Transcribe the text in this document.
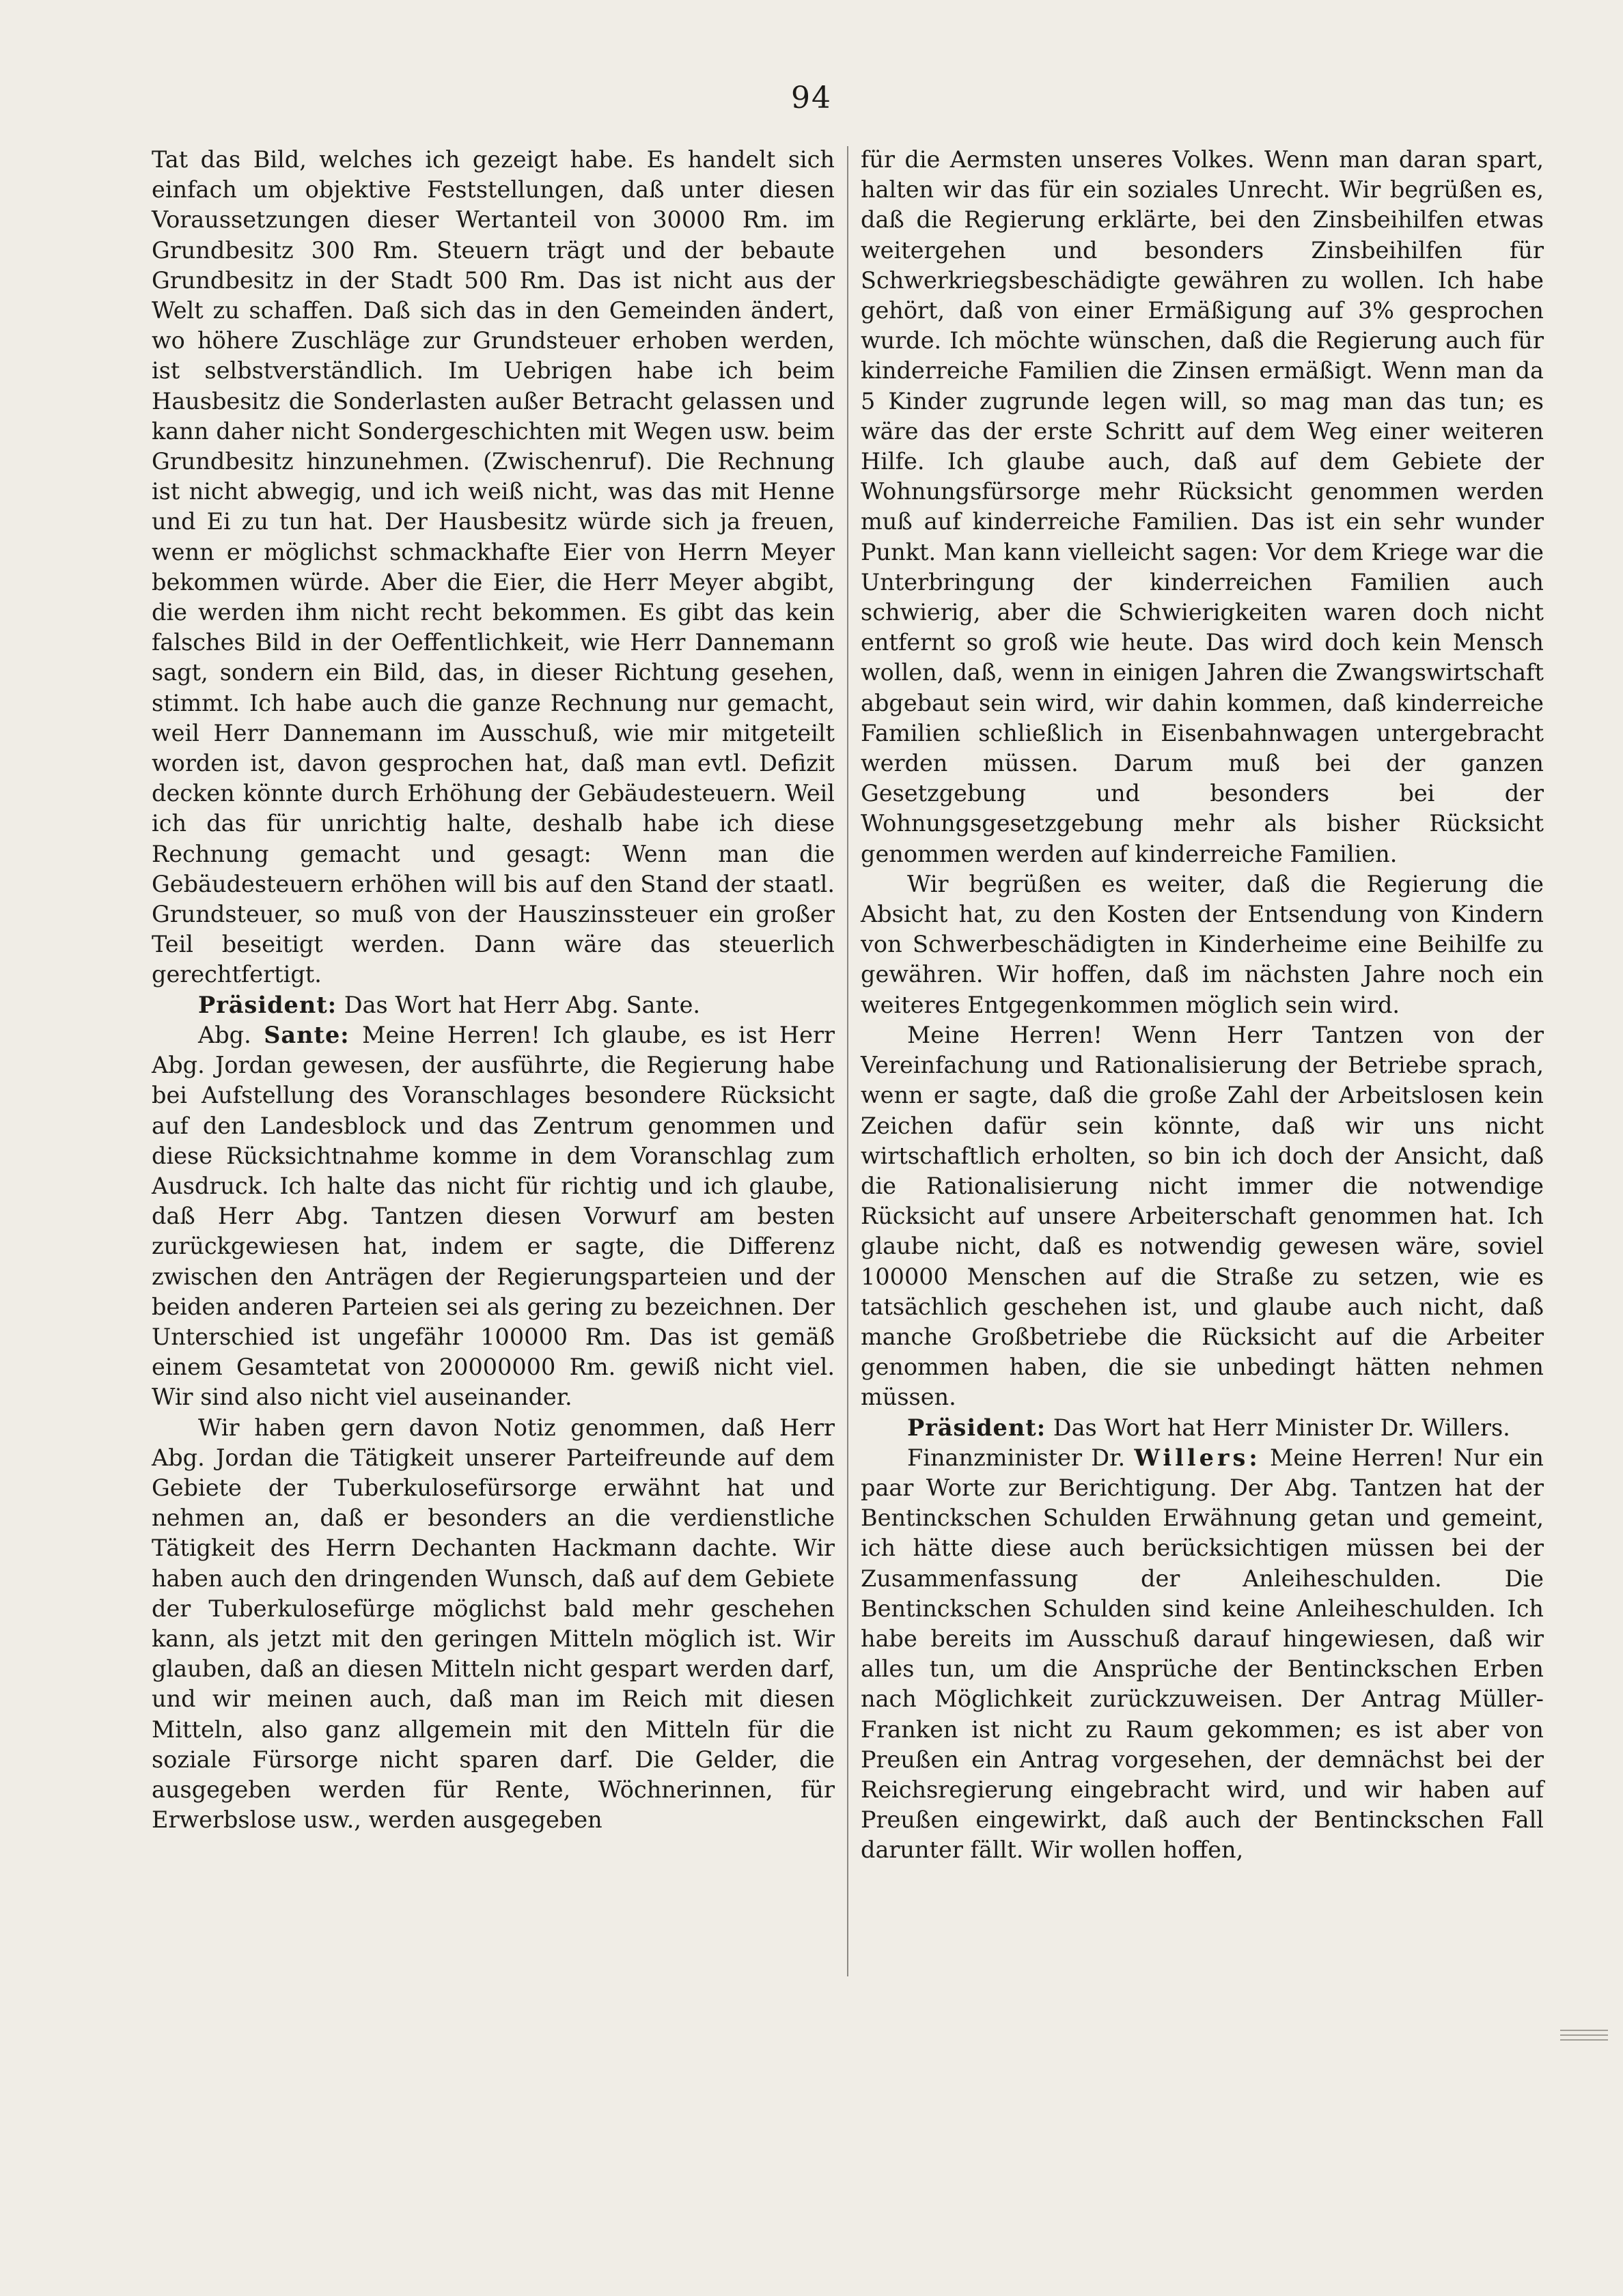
94

Tat das Bild, welches ich gezeigt habe. Es handelt sich einfach um objektive Feststellungen, daß unter diesen Voraussetzungen dieser Wertanteil von 30000 Rm. im Grundbesitz 300 Rm. Steuern trägt und der bebaute Grundbesitz in der Stadt 500 Rm. Das ist nicht aus der Welt zu schaffen. Daß sich das in den Gemeinden ändert, wo höhere Zuschläge zur Grundsteuer erhoben werden, ist selbstverständlich. Im Uebrigen habe ich beim Hausbesitz die Sonderlasten außer Betracht gelassen und kann daher nicht Sondergeschichten mit Wegen usw. beim Grundbesitz hinzunehmen. (Zwischenruf). Die Rechnung ist nicht abwegig, und ich weiß nicht, was das mit Henne und Ei zu tun hat. Der Hausbesitz würde sich ja freuen, wenn er möglichst schmackhafte Eier von Herrn Meyer bekommen würde. Aber die Eier, die Herr Meyer abgibt, die werden ihm nicht recht bekommen. Es gibt das kein falsches Bild in der Oeffentlichkeit, wie Herr Dannemann sagt, sondern ein Bild, das, in dieser Richtung gesehen, stimmt. Ich habe auch die ganze Rechnung nur gemacht, weil Herr Dannemann im Ausschuß, wie mir mitgeteilt worden ist, davon gesprochen hat, daß man evtl. Defizit decken könnte durch Erhöhung der Gebäudesteuern. Weil ich das für unrichtig halte, deshalb habe ich diese Rechnung gemacht und gesagt: Wenn man die Gebäudesteuern erhöhen will bis auf den Stand der staatl. Grundsteuer, so muß von der Hauszinssteuer ein großer Teil beseitigt werden. Dann wäre das steuerlich gerechtfertigt.

Präsident: Das Wort hat Herr Abg. Sante.

Abg. Sante: Meine Herren! Ich glaube, es ist Herr Abg. Jordan gewesen, der ausführte, die Regierung habe bei Aufstellung des Voranschlages besondere Rücksicht auf den Landesblock und das Zentrum genommen und diese Rücksichtnahme komme in dem Voranschlag zum Ausdruck. Ich halte das nicht für richtig und ich glaube, daß Herr Abg. Tantzen diesen Vorwurf am besten zurückgewiesen hat, indem er sagte, die Differenz zwischen den Anträgen der Regierungsparteien und der beiden anderen Parteien sei als gering zu bezeichnen. Der Unterschied ist ungefähr 100000 Rm. Das ist gemäß einem Gesamtetat von 20000000 Rm. gewiß nicht viel. Wir sind also nicht viel auseinander.

Wir haben gern davon Notiz genommen, daß Herr Abg. Jordan die Tätigkeit unserer Parteifreunde auf dem Gebiete der Tuberkulosefürsorge erwähnt hat und nehmen an, daß er besonders an die verdienstliche Tätigkeit des Herrn Dechanten Hackmann dachte. Wir haben auch den dringenden Wunsch, daß auf dem Gebiete der Tuberkulosefürge möglichst bald mehr geschehen kann, als jetzt mit den geringen Mitteln möglich ist. Wir glauben, daß an diesen Mitteln nicht gespart werden darf, und wir meinen auch, daß man im Reich mit diesen Mitteln, also ganz allgemein mit den Mitteln für die soziale Fürsorge nicht sparen darf. Die Gelder, die ausgegeben werden für Rente, Wöchnerinnen, für Erwerbslose usw., werden ausgegeben

für die Aermsten unseres Volkes. Wenn man daran spart, halten wir das für ein soziales Unrecht. Wir begrüßen es, daß die Regierung erklärte, bei den Zinsbeihilfen etwas weitergehen und besonders Zinsbeihilfen für Schwerkriegsbeschädigte gewähren zu wollen. Ich habe gehört, daß von einer Ermäßigung auf 3% gesprochen wurde. Ich möchte wünschen, daß die Regierung auch für kinderreiche Familien die Zinsen ermäßigt. Wenn man da 5 Kinder zugrunde legen will, so mag man das tun; es wäre das der erste Schritt auf dem Weg einer weiteren Hilfe. Ich glaube auch, daß auf dem Gebiete der Wohnungsfürsorge mehr Rücksicht genommen werden muß auf kinderreiche Familien. Das ist ein sehr wunder Punkt. Man kann vielleicht sagen: Vor dem Kriege war die Unterbringung der kinderreichen Familien auch schwierig, aber die Schwierigkeiten waren doch nicht entfernt so groß wie heute. Das wird doch kein Mensch wollen, daß, wenn in einigen Jahren die Zwangswirtschaft abgebaut sein wird, wir dahin kommen, daß kinderreiche Familien schließlich in Eisenbahnwagen untergebracht werden müssen. Darum muß bei der ganzen Gesetzgebung und besonders bei der Wohnungsgesetzgebung mehr als bisher Rücksicht genommen werden auf kinderreiche Familien.

Wir begrüßen es weiter, daß die Regierung die Absicht hat, zu den Kosten der Entsendung von Kindern von Schwerbeschädigten in Kinderheime eine Beihilfe zu gewähren. Wir hoffen, daß im nächsten Jahre noch ein weiteres Entgegenkommen möglich sein wird.

Meine Herren! Wenn Herr Tantzen von der Vereinfachung und Rationalisierung der Betriebe sprach, wenn er sagte, daß die große Zahl der Arbeitslosen kein Zeichen dafür sein könnte, daß wir uns nicht wirtschaftlich erholten, so bin ich doch der Ansicht, daß die Rationalisierung nicht immer die notwendige Rücksicht auf unsere Arbeiterschaft genommen hat. Ich glaube nicht, daß es notwendig gewesen wäre, soviel 100000 Menschen auf die Straße zu setzen, wie es tatsächlich geschehen ist, und glaube auch nicht, daß manche Großbetriebe die Rücksicht auf die Arbeiter genommen haben, die sie unbedingt hätten nehmen müssen.

Präsident: Das Wort hat Herr Minister Dr. Willers.

Finanzminister Dr. Willers: Meine Herren! Nur ein paar Worte zur Berichtigung. Der Abg. Tantzen hat der Bentinckschen Schulden Erwähnung getan und gemeint, ich hätte diese auch berücksichtigen müssen bei der Zusammenfassung der Anleiheschulden. Die Bentinckschen Schulden sind keine Anleiheschulden. Ich habe bereits im Ausschuß darauf hingewiesen, daß wir alles tun, um die Ansprüche der Bentinckschen Erben nach Möglichkeit zurückzuweisen. Der Antrag Müller-Franken ist nicht zu Raum gekommen; es ist aber von Preußen ein Antrag vorgesehen, der demnächst bei der Reichsregierung eingebracht wird, und wir haben auf Preußen eingewirkt, daß auch der Bentinckschen Fall darunter fällt. Wir wollen hoffen,
